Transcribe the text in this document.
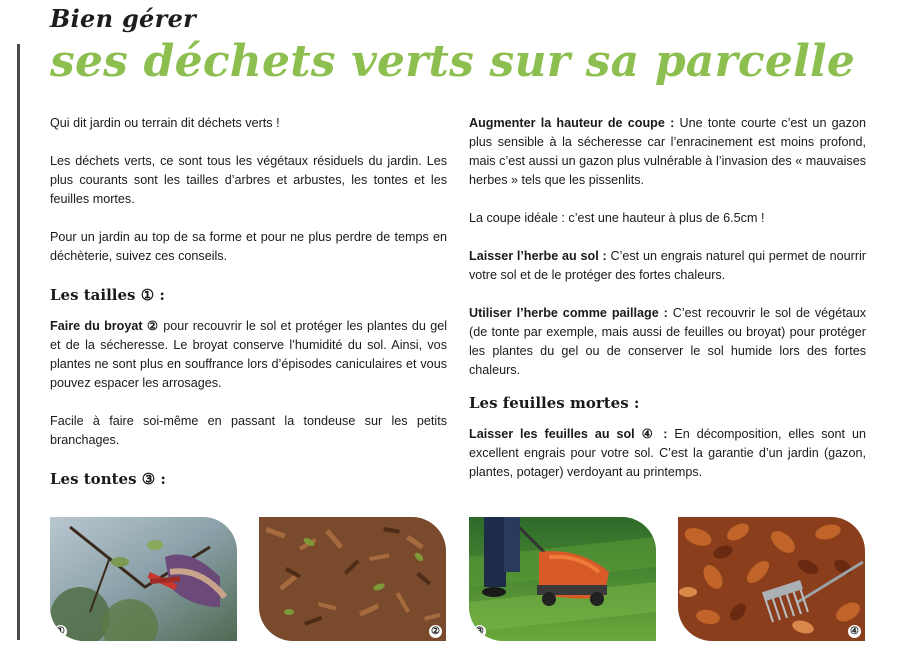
Bien gérer
ses déchets verts sur sa parcelle

Qui dit jardin ou terrain dit déchets verts !

Les déchets verts, ce sont tous les végétaux résiduels du jardin. Les plus courants sont les tailles d’arbres et arbustes, les tontes et les feuilles mortes.

Pour un jardin au top de sa forme et pour ne plus perdre de temps en déchèterie, suivez ces conseils.

Les tailles ① :

Faire du broyat ② pour recouvrir le sol et protéger les plantes du gel et de la sécheresse. Le broyat conserve l’humidité du sol. Ainsi, vos plantes ne sont plus en souffrance lors d’épisodes caniculaires et vous pouvez espacer les arrosages.

Facile à faire soi-même en passant la tondeuse sur les petits branchages.

Les tontes ③ :

Augmenter la hauteur de coupe : Une tonte courte c’est un gazon plus sensible à la sécheresse car l’enracinement est moins profond, mais c’est aussi un gazon plus vulnérable à l’invasion des « mauvaises herbes » tels que les pissenlits.

La coupe idéale : c’est une hauteur à plus de 6.5cm !

Laisser l’herbe au sol : C’est un engrais naturel qui permet de nourrir votre sol et de le protéger des fortes chaleurs.

Utiliser l’herbe comme paillage : C’est recouvrir le sol de végétaux (de tonte par exemple, mais aussi de feuilles ou broyat) pour protéger les plantes du gel ou de conserver le sol humide lors des fortes chaleurs.

Les feuilles mortes :

Laisser les feuilles au sol ④ : En décomposition, elles sont un excellent engrais pour votre sol. C’est la garantie d’un jardin (gazon, plantes, potager) verdoyant au printemps.

①	②	③	④
